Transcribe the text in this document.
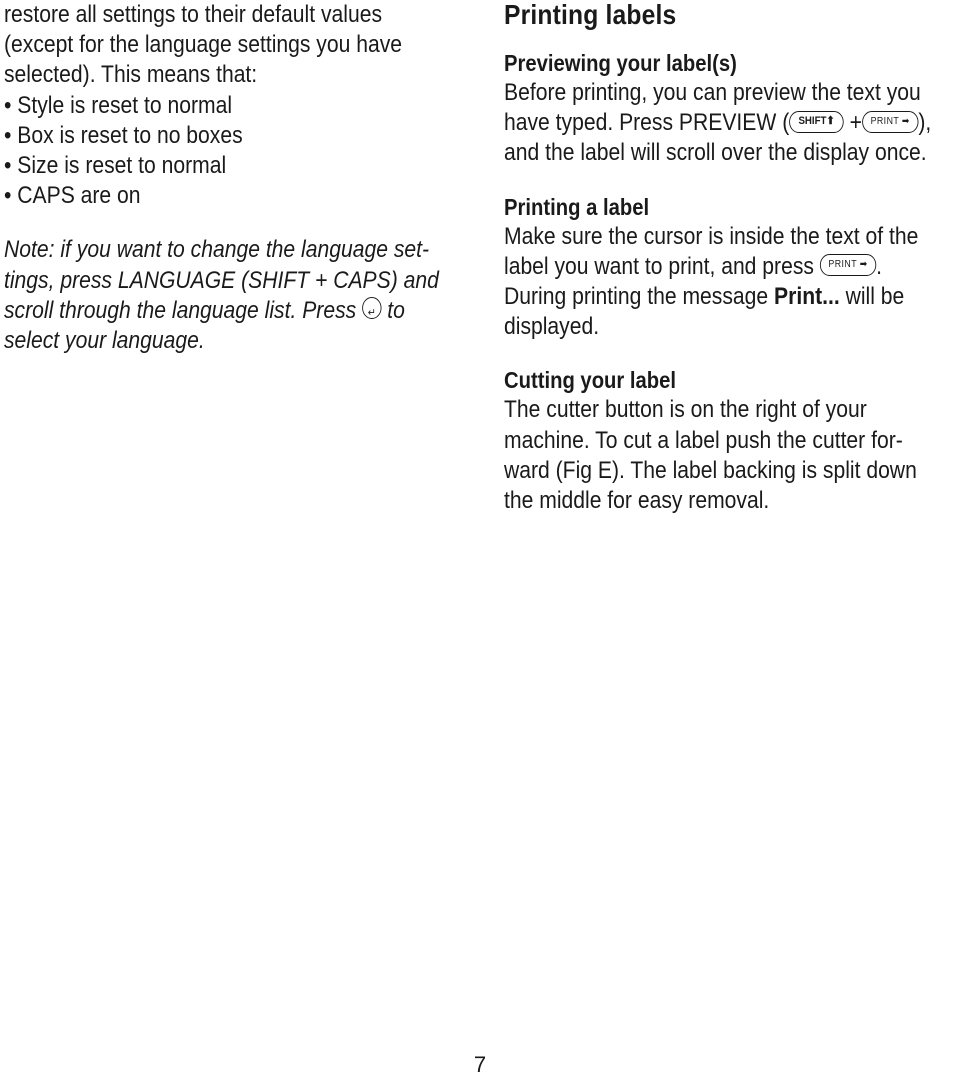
restore all settings to their default values
(except for the language settings you have
selected). This means that:
• Style is reset to normal
• Box is reset to no boxes
• Size is reset to normal
• CAPS are on
Note: if you want to change the language set-
tings, press LANGUAGE (SHIFT + CAPS) and
scroll through the language list. Press ↵ to
select your language.
Printing labels
Previewing your label(s)
Before printing, you can preview the text you
have typed. Press PREVIEW ( SHIFT⬆ + PRINT ➡ ),
and the label will scroll over the display once.
Printing a label
Make sure the cursor is inside the text of the
label you want to print, and press PRINT ➡ .
During printing the message Print... will be
displayed.
Cutting your label
The cutter button is on the right of your
machine. To cut a label push the cutter for-
ward (Fig E). The label backing is split down
the middle for easy removal.
7
